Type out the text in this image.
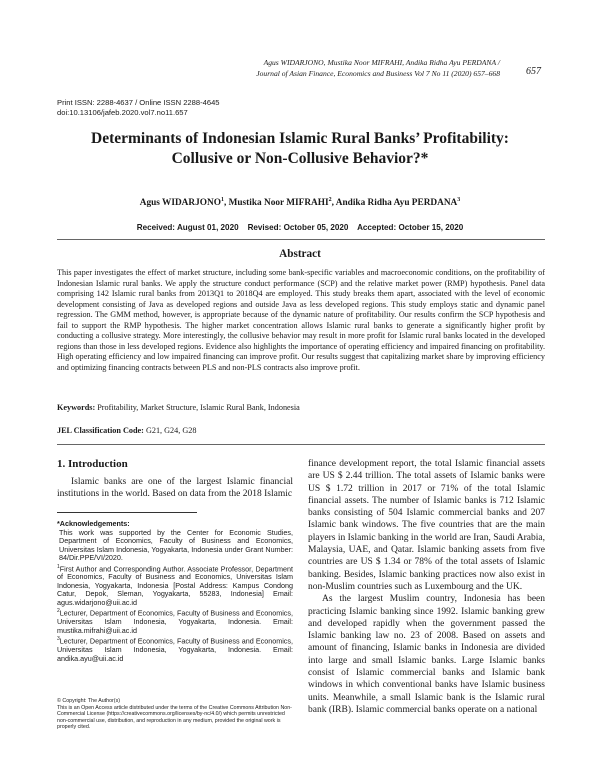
Agus WIDARJONO, Mustika Noor MIFRAHI, Andika Ridha Ayu PERDANA /
Journal of Asian Finance, Economics and Business Vol 7 No 11 (2020) 657–668	657
Print ISSN: 2288-4637 / Online ISSN 2288-4645
doi:10.13106/jafeb.2020.vol7.no11.657
Determinants of Indonesian Islamic Rural Banks’ Profitability:
Collusive or Non-Collusive Behavior?*
Agus WIDARJONO$^1$, Mustika Noor MIFRAHI$^2$, Andika Ridha Ayu PERDANA$^3$
Received: August 01, 2020 Revised: October 05, 2020 Accepted: October 15, 2020
Abstract

This paper investigates the effect of market structure, including some bank-specific variables and macroeconomic conditions, on the profitability of Indonesian Islamic rural banks. We apply the structure conduct performance (SCP) and the relative market power (RMP) hypothesis. Panel data comprising 142 Islamic rural banks from 2013Q1 to 2018Q4 are employed. This study breaks them apart, associated with the level of economic development consisting of Java as developed regions and outside Java as less developed regions. This study employs static and dynamic panel regression. The GMM method, however, is appropriate because of the dynamic nature of profitability. Our results confirm the SCP hypothesis and fail to support the RMP hypothesis. The higher market concentration allows Islamic rural banks to generate a significantly higher profit by conducting a collusive strategy. More interestingly, the collusive behavior may result in more profit for Islamic rural banks located in the developed regions than those in less developed regions. Evidence also highlights the importance of operating efficiency and impaired financing on profitability. High operating efficiency and low impaired financing can improve profit. Our results suggest that capitalizing market share by improving efficiency and optimizing financing contracts between PLS and non-PLS contracts also improve profit.

Keywords: Profitability, Market Structure, Islamic Rural Bank, Indonesia
JEL Classification Code: G21, G24, G28
1. Introduction

Islamic banks are one of the largest Islamic financial institutions in the world. Based on data from the 2018 Islamic

*Acknowledgements:

This work was supported by the Center for Economic Studies, Department of Economics, Faculty of Business and Economics, Universitas Islam Indonesia, Yogyakarta, Indonesia under Grant Number: 84/Dir.PPE/VI/2020.

$^1$First Author and Corresponding Author. Associate Professor, Department of Economics, Faculty of Business and Economics, Universitas Islam Indonesia, Yogyakarta, Indonesia [Postal Address: Kampus Condong Catur, Depok, Sleman, Yogyakarta, 55283, Indonesia] Email: agus.widarjono@uii.ac.id

$^2$Lecturer, Department of Economics, Faculty of Business and Economics, Universitas Islam Indonesia, Yogyakarta, Indonesia. Email: mustika.mifrahi@uii.ac.id

$^3$Lecturer, Department of Economics, Faculty of Business and Economics, Universitas Islam Indonesia, Yogyakarta, Indonesia. Email: andika.ayu@uii.ac.id

© Copyright: The Author(s)

This is an Open Access article distributed under the terms of the Creative Commons Attribution Non-Commercial License (https://creativecommons.org/licenses/by-nc/4.0/) which permits unrestricted non-commercial use, distribution, and reproduction in any medium, provided the original work is properly cited.

finance development report, the total Islamic financial assets are US $ 2.44 trillion. The total assets of Islamic banks were US $ 1.72 trillion in 2017 or 71% of the total Islamic financial assets. The number of Islamic banks is 712 Islamic banks consisting of 504 Islamic commercial banks and 207 Islamic bank windows. The five countries that are the main players in Islamic banking in the world are Iran, Saudi Arabia, Malaysia, UAE, and Qatar. Islamic banking assets from five countries are US $ 1.34 or 78% of the total assets of Islamic banking. Besides, Islamic banking practices now also exist in non-Muslim countries such as Luxembourg and the UK.

As the largest Muslim country, Indonesia has been practicing Islamic banking since 1992. Islamic banking grew and developed rapidly when the government passed the Islamic banking law no. 23 of 2008. Based on assets and amount of financing, Islamic banks in Indonesia are divided into large and small Islamic banks. Large Islamic banks consist of Islamic commercial banks and Islamic bank windows in which conventional banks have Islamic business units. Meanwhile, a small Islamic bank is the Islamic rural bank (IRB). Islamic commercial banks operate on a national
